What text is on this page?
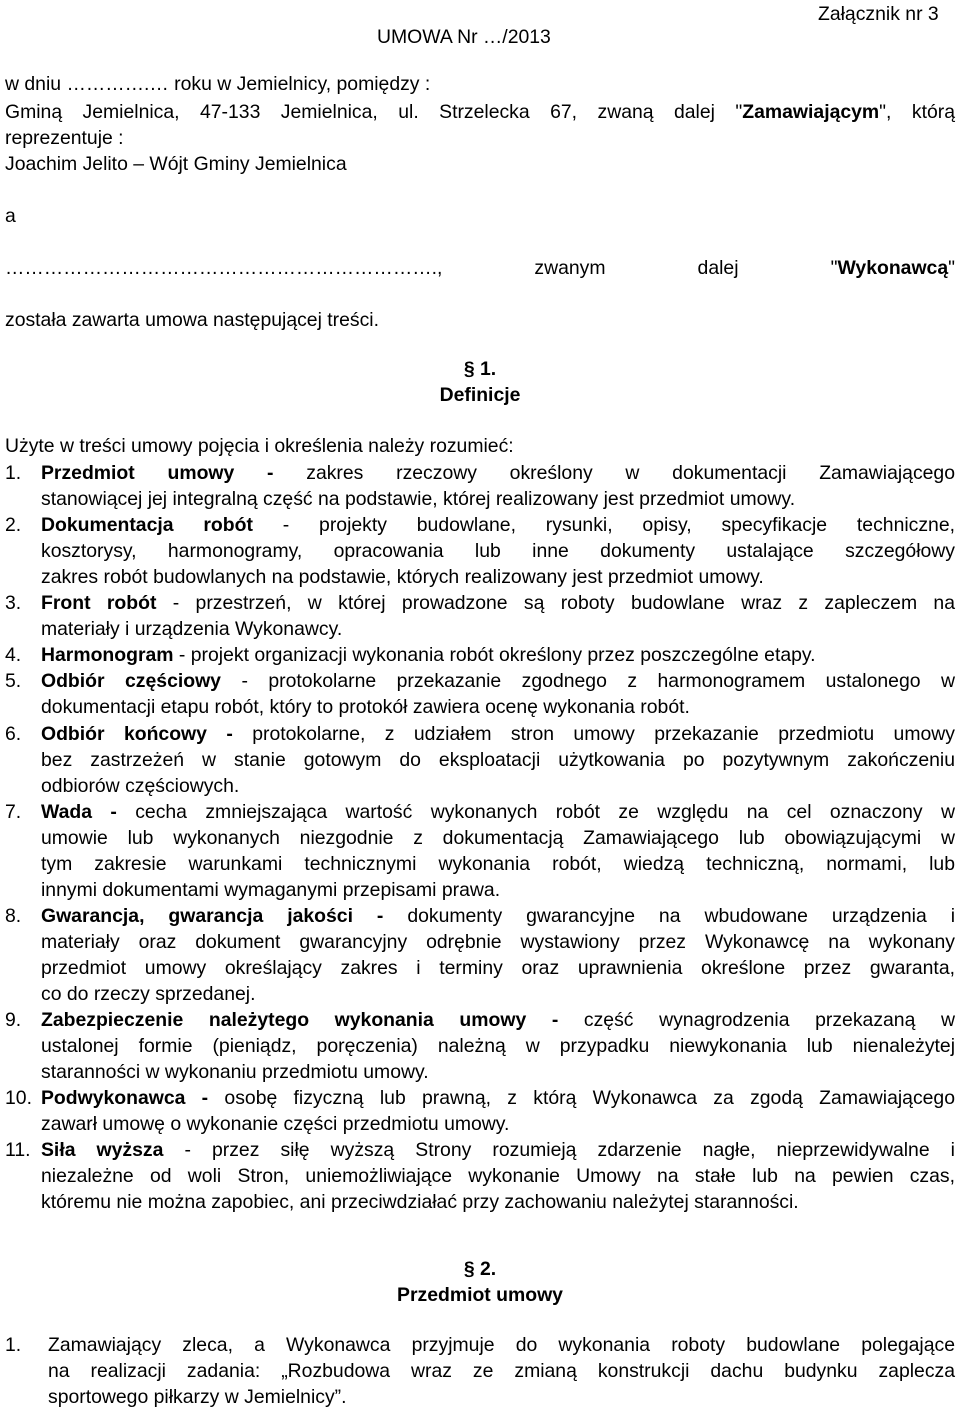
UMOWA Nr …/2013
Załącznik nr 3
w dniu ………….… roku w Jemielnicy, pomiędzy :
Gminą Jemielnica, 47-133 Jemielnica, ul. Strzelecka 67, zwaną dalej "Zamawiającym", którą
reprezentuje :
Joachim Jelito – Wójt Gminy Jemielnica
a
…………………………………………………………., zwanym dalej "Wykonawcą"
została zawarta umowa następującej treści.
§ 1.
Definicje
Użyte w treści umowy pojęcia i określenia należy rozumieć:
1. Przedmiot umowy - zakres rzeczowy określony w dokumentacji Zamawiającego
stanowiącej jej integralną część na podstawie, której realizowany jest przedmiot umowy.
2. Dokumentacja robót - projekty budowlane, rysunki, opisy, specyfikacje techniczne,
kosztorysy, harmonogramy, opracowania lub inne dokumenty ustalające szczegółowy
zakres robót budowlanych na podstawie, których realizowany jest przedmiot umowy.
3. Front robót - przestrzeń, w której prowadzone są roboty budowlane wraz z zapleczem na
materiały i urządzenia Wykonawcy.
4. Harmonogram - projekt organizacji wykonania robót określony przez poszczególne etapy.
5. Odbiór częściowy - protokolarne przekazanie zgodnego z harmonogramem ustalonego w
dokumentacji etapu robót, który to protokół zawiera ocenę wykonania robót.
6. Odbiór końcowy - protokolarne, z udziałem stron umowy przekazanie przedmiotu umowy
bez zastrzeżeń w stanie gotowym do eksploatacji użytkowania po pozytywnym zakończeniu
odbiorów częściowych.
7. Wada - cecha zmniejszająca wartość wykonanych robót ze względu na cel oznaczony w
umowie lub wykonanych niezgodnie z dokumentacją Zamawiającego lub obowiązującymi w
tym zakresie warunkami technicznymi wykonania robót, wiedzą techniczną, normami, lub
innymi dokumentami wymaganymi przepisami prawa.
8. Gwarancja, gwarancja jakości - dokumenty gwarancyjne na wbudowane urządzenia i
materiały oraz dokument gwarancyjny odrębnie wystawiony przez Wykonawcę na wykonany
przedmiot umowy określający zakres i terminy oraz uprawnienia określone przez gwaranta,
co do rzeczy sprzedanej.
9. Zabezpieczenie należytego wykonania umowy - część wynagrodzenia przekazaną w
ustalonej formie (pieniądz, poręczenia) należną w przypadku niewykonania lub nienależytej
staranności w wykonaniu przedmiotu umowy.
10. Podwykonawca - osobę fizyczną lub prawną, z którą Wykonawca za zgodą Zamawiającego
zawarł umowę o wykonanie części przedmiotu umowy.
11. Siła wyższa - przez siłę wyższą Strony rozumieją zdarzenie nagłe, nieprzewidywalne i
niezależne od woli Stron, uniemożliwiające wykonanie Umowy na stałe lub na pewien czas,
któremu nie można zapobiec, ani przeciwdziałać przy zachowaniu należytej staranności.
§ 2.
Przedmiot umowy
1. Zamawiający zleca, a Wykonawca przyjmuje do wykonania roboty budowlane polegające
na realizacji zadania: „Rozbudowa wraz ze zmianą konstrukcji dachu budynku zaplecza
sportowego piłkarzy w Jemielnicy”.
